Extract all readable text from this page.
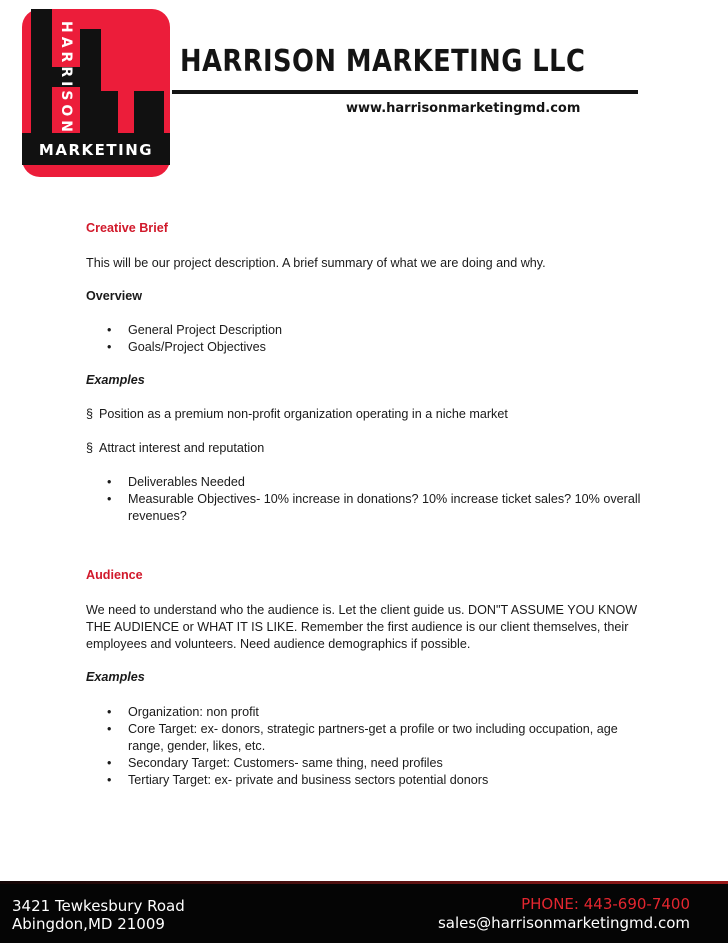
HARRISON
MARKETING
HARRISON MARKETING LLC
www.harrisonmarketingmd.com

Creative Brief

This will be our project description. A brief summary of what we are doing and why.

Overview

• General Project Description
• Goals/Project Objectives

Examples

§ Position as a premium non-profit organization operating in a niche market

§ Attract interest and reputation

• Deliverables Needed
• Measurable Objectives- 10% increase in donations? 10% increase ticket sales? 10% overall revenues?

Audience

We need to understand who the audience is. Let the client guide us. DON"T ASSUME YOU KNOW THE AUDIENCE or WHAT IT IS LIKE. Remember the first audience is our client themselves, their employees and volunteers. Need audience demographics if possible.

Examples

• Organization: non profit
• Core Target: ex- donors, strategic partners-get a profile or two including occupation, age range, gender, likes, etc.
• Secondary Target: Customers- same thing, need profiles
• Tertiary Target: ex- private and business sectors potential donors
3421 Tewkesbury Road
Abingdon,MD 21009
PHONE: 443-690-7400
sales@harrisonmarketingmd.com
